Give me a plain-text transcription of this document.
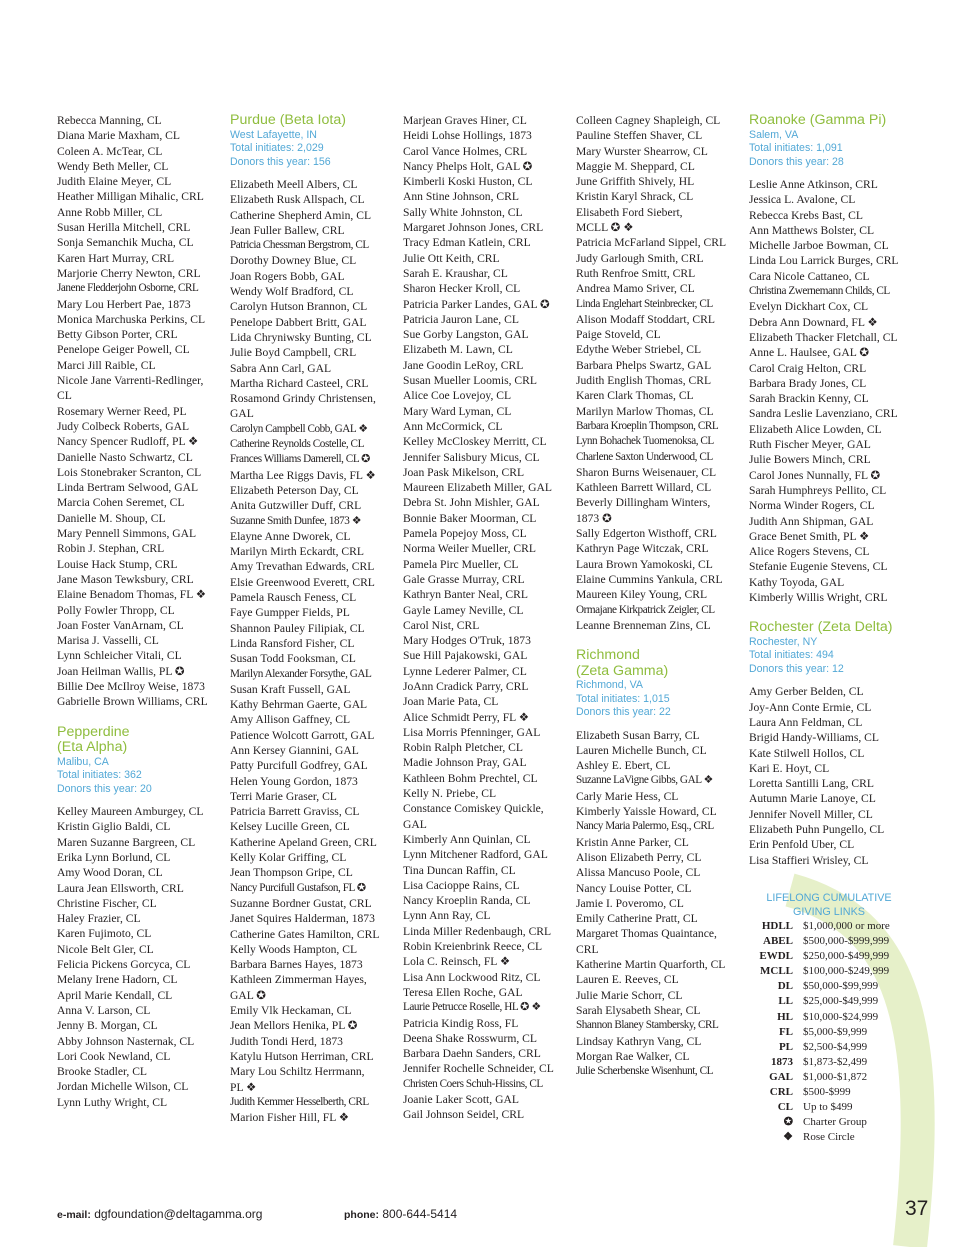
Rebecca Manning, CL
Diana Marie Maxham, CL
Coleen A. McTear, CL
Wendy Beth Meller, CL
Judith Elaine Meyer, CL
Heather Milligan Mihalic, CRL
Anne Robb Miller, CL
Susan Herilla Mitchell, CRL
Sonja Semanchik Mucha, CL
Karen Hart Murray, CRL
Marjorie Cherry Newton, CRL
Janene Fledderjohn Osborne, CRL
Mary Lou Herbert Pae, 1873
Monica Marchuska Perkins, CL
Betty Gibson Porter, CRL
Penelope Geiger Powell, CL
Marci Jill Raible, CL
Nicole Jane Varrenti-Redlinger,
CL
Rosemary Werner Reed, PL
Judy Colbeck Roberts, GAL
Nancy Spencer Rudloff, PL ❖
Danielle Nasto Schwartz, CL
Lois Stonebraker Scranton, CL
Linda Bertram Selwood, GAL
Marcia Cohen Seremet, CL
Danielle M. Shoup, CL
Mary Pennell Simmons, GAL
Robin J. Stephan, CRL
Louise Hack Stump, CRL
Jane Mason Tewksbury, CRL
Elaine Benadom Thomas, FL ❖
Polly Fowler Thropp, CL
Joan Foster VanArnam, CL
Marisa J. Vasselli, CL
Lynn Schleicher Vitali, CL
Joan Heilman Wallis, PL ✪
Billie Dee McIlroy Weise, 1873
Gabrielle Brown Williams, CRL
Pepperdine
(Eta Alpha)
Malibu, CA
Total initiates: 362
Donors this year: 20
Kelley Maureen Amburgey, CL
Kristin Giglio Baldi, CL
Maren Suzanne Bargreen, CL
Erika Lynn Borlund, CL
Amy Wood Doran, CL
Laura Jean Ellsworth, CRL
Christine Fischer, CL
Haley Frazier, CL
Karen Fujimoto, CL
Nicole Belt Gler, CL
Felicia Pickens Gorcyca, CL
Melany Irene Hadorn, CL
April Marie Kendall, CL
Anna V. Larson, CL
Jenny B. Morgan, CL
Abby Johnson Nasternak, CL
Lori Cook Newland, CL
Brooke Stadler, CL
Jordan Michelle Wilson, CL
Lynn Luthy Wright, CL
Purdue (Beta Iota)
West Lafayette, IN
Total initiates: 2,029
Donors this year: 156
Elizabeth Meell Albers, CL
Elizabeth Rusk Allspach, CL
Catherine Shepherd Amin, CL
Jean Fuller Ballew, CRL
Patricia Chessman Bergstrom, CL
Dorothy Downey Blue, CL
Joan Rogers Bobb, GAL
Wendy Wolf Bradford, CL
Carolyn Hutson Brannon, CL
Penelope Dabbert Britt, GAL
Lida Chryniwsky Bunting, CL
Julie Boyd Campbell, CRL
Sabra Ann Carl, GAL
Martha Richard Casteel, CRL
Rosamond Grindy Christensen,
GAL
Carolyn Campbell Cobb, GAL ❖
Catherine Reynolds Costelle, CL
Frances Williams Damerell, CL ✪
Martha Lee Riggs Davis, FL ❖
Elizabeth Peterson Day, CL
Anita Gutzwiller Duff, CRL
Suzanne Smith Dunfee, 1873 ❖
Elayne Anne Dworek, CL
Marilyn Mirth Eckardt, CRL
Amy Trevathan Edwards, CRL
Elsie Greenwood Everett, CRL
Pamela Rausch Feness, CL
Faye Gumpper Fields, PL
Shannon Pauley Filipiak, CL
Linda Ransford Fisher, CL
Susan Todd Fooksman, CL
Marilyn Alexander Forsythe, GAL
Susan Kraft Fussell, GAL
Kathy Behrman Gaerte, GAL
Amy Allison Gaffney, CL
Patience Wolcott Garrott, GAL
Ann Kersey Giannini, GAL
Patty Purcifull Godfrey, GAL
Helen Young Gordon, 1873
Terri Marie Graser, CL
Patricia Barrett Graviss, CL
Kelsey Lucille Green, CL
Katherine Apeland Green, CRL
Kelly Kolar Griffing, CL
Jean Thompson Gripe, CL
Nancy Purcifull Gustafson, FL ✪
Suzanne Bordner Gustat, CRL
Janet Squires Halderman, 1873
Catherine Gates Hamilton, CRL
Kelly Woods Hampton, CL
Barbara Barnes Hayes, 1873
Kathleen Zimmerman Hayes,
GAL ✪
Emily Vlk Heckaman, CL
Jean Mellors Henika, PL ✪
Judith Tondi Herd, 1873
Katylu Hutson Herriman, CRL
Mary Lou Schiltz Herrmann,
PL ❖
Judith Kemmer Hesselberth, CRL
Marion Fisher Hill, FL ❖
Marjean Graves Hiner, CL
Heidi Lohse Hollings, 1873
Carol Vance Holmes, CRL
Nancy Phelps Holt, GAL ✪
Kimberli Koski Huston, CL
Ann Stine Johnson, CRL
Sally White Johnston, CL
Margaret Johnson Jones, CRL
Tracy Edman Katlein, CRL
Julie Ott Keith, CRL
Sarah E. Kraushar, CL
Sharon Hecker Kroll, CL
Patricia Parker Landes, GAL ✪
Patricia Jauron Lane, CL
Sue Gorby Langston, GAL
Elizabeth M. Lawn, CL
Jane Goodin LeRoy, CRL
Susan Mueller Loomis, CRL
Alice Coe Lovejoy, CL
Mary Ward Lyman, CL
Ann McCormick, CL
Kelley McCloskey Merritt, CL
Jennifer Salisbury Micus, CL
Joan Pask Mikelson, CRL
Maureen Elizabeth Miller, GAL
Debra St. John Mishler, GAL
Bonnie Baker Moorman, CL
Pamela Popejoy Moss, CL
Norma Weiler Mueller, CRL
Pamela Pirc Mueller, CL
Gale Grasse Murray, CRL
Kathryn Banter Neal, CRL
Gayle Lamey Neville, CL
Carol Nist, CRL
Mary Hodges O'Truk, 1873
Sue Hill Pajakowski, GAL
Lynne Lederer Palmer, CL
JoAnn Cradick Parry, CRL
Joan Marie Pata, CL
Alice Schmidt Perry, FL ❖
Lisa Morris Pfenninger, GAL
Robin Ralph Pletcher, CL
Madie Johnson Pray, GAL
Kathleen Bohm Prechtel, CL
Kelly N. Priebe, CL
Constance Comiskey Quickle,
GAL
Kimberly Ann Quinlan, CL
Lynn Mitchener Radford, GAL
Tina Duncan Raffin, CL
Lisa Cacioppe Rains, CL
Nancy Kroeplin Randa, CL
Lynn Ann Ray, CL
Linda Miller Redenbaugh, CRL
Robin Kreienbrink Reece, CL
Lola C. Reinsch, FL ❖
Lisa Ann Lockwood Ritz, CL
Teresa Ellen Roche, GAL
Laurie Petrucce Roselle, HL ✪ ❖
Patricia Kindig Ross, FL
Deena Shake Rosswurm, CL
Barbara Daehn Sanders, CRL
Jennifer Rochelle Schneider, CL
Christen Coers Schuh-Hissins, CL
Joanie Laker Scott, GAL
Gail Johnson Seidel, CRL
Colleen Cagney Shapleigh, CL
Pauline Steffen Shaver, CL
Mary Wurster Shearrow, CL
Maggie M. Sheppard, CL
June Griffith Shively, HL
Kristin Karyl Shrack, CL
Elisabeth Ford Siebert,
MCLL ✪ ❖
Patricia McFarland Sippel, CRL
Judy Garlough Smith, CRL
Ruth Renfroe Smitt, CRL
Andrea Mamo Sriver, CL
Linda Englehart Steinbrecker, CL
Alison Modaff Stoddart, CRL
Paige Stoveld, CL
Edythe Weber Striebel, CL
Barbara Phelps Swartz, GAL
Judith English Thomas, CRL
Karen Clark Thomas, CL
Marilyn Marlow Thomas, CL
Barbara Kroeplin Thompson, CRL
Lynn Bohachek Tuomenoksa, CL
Charlene Saxton Underwood, CL
Sharon Burns Weisenauer, CL
Kathleen Barrett Willard, CL
Beverly Dillingham Winters,
1873 ✪
Sally Edgerton Wisthoff, CRL
Kathryn Page Witczak, CRL
Laura Brown Yamokoski, CL
Elaine Cummins Yankula, CRL
Maureen Kiley Young, CRL
Ormajane Kirkpatrick Zeigler, CL
Leanne Brenneman Zins, CL
Richmond
(Zeta Gamma)
Richmond, VA
Total initiates: 1,015
Donors this year: 22
Elizabeth Susan Barry, CL
Lauren Michelle Bunch, CL
Ashley E. Ebert, CL
Suzanne LaVigne Gibbs, GAL ❖
Carly Marie Hess, CL
Kimberly Yaissle Howard, CL
Nancy Maria Palermo, Esq., CRL
Kristin Anne Parker, CL
Alison Elizabeth Perry, CL
Alissa Mancuso Poole, CL
Nancy Louise Potter, CL
Jamie I. Poveromo, CL
Emily Catherine Pratt, CL
Margaret Thomas Quaintance,
CRL
Katherine Martin Quarforth, CL
Lauren E. Reeves, CL
Julie Marie Schorr, CL
Sarah Elysabeth Shear, CL
Shannon Blaney Stambersky, CRL
Lindsay Kathryn Vang, CL
Morgan Rae Walker, CL
Julie Scherbenske Wisenhunt, CL
Roanoke (Gamma Pi)
Salem, VA
Total initiates: 1,091
Donors this year: 28
Leslie Anne Atkinson, CRL
Jessica L. Avalone, CL
Rebecca Krebs Bast, CL
Ann Matthews Bolster, CL
Michelle Jarboe Bowman, CL
Linda Lou Larrick Burges, CRL
Cara Nicole Cattaneo, CL
Christina Zwernemann Childs, CL
Evelyn Dickhart Cox, CL
Debra Ann Downard, FL ❖
Elizabeth Thacker Fletchall, CL
Anne L. Haulsee, GAL ✪
Carol Craig Helton, CRL
Barbara Brady Jones, CL
Sarah Brackin Kenny, CL
Sandra Leslie Lavenziano, CRL
Elizabeth Alice Lowden, CL
Ruth Fischer Meyer, GAL
Julie Bowers Minch, CRL
Carol Jones Nunnally, FL ✪
Sarah Humphreys Pellito, CL
Norma Winder Rogers, CL
Judith Ann Shipman, GAL
Grace Benet Smith, PL ❖
Alice Rogers Stevens, CL
Stefanie Eugenie Stevens, CL
Kathy Toyoda, GAL
Kimberly Willis Wright, CRL
Rochester (Zeta Delta)
Rochester, NY
Total initiates: 494
Donors this year: 12
Amy Gerber Belden, CL
Joy-Ann Conte Ermie, CL
Laura Ann Feldman, CL
Brigid Handy-Williams, CL
Kate Stilwell Hollos, CL
Kari E. Hoyt, CL
Loretta Santilli Lang, CRL
Autumn Marie Lanoye, CL
Jennifer Novell Miller, CL
Elizabeth Puhn Pungello, CL
Erin Penfold Uber, CL
Lisa Staffieri Wrisley, CL
LIFELONG CUMULATIVE
GIVING LINKS
HDLL $1,000,000 or more
ABEL $500,000-$999,999
EWDL $250,000-$499,999
MCLL $100,000-$249,999
DL $50,000-$99,999
LL $25,000-$49,999
HL $10,000-$24,999
FL $5,000-$9,999
PL $2,500-$4,999
1873 $1,873-$2,499
GAL $1,000-$1,872
CRL $500-$999
CL Up to $499
✪ Charter Group
❖ Rose Circle
e-mail: dgfoundation@deltagamma.org	phone: 800-644-5414	37
